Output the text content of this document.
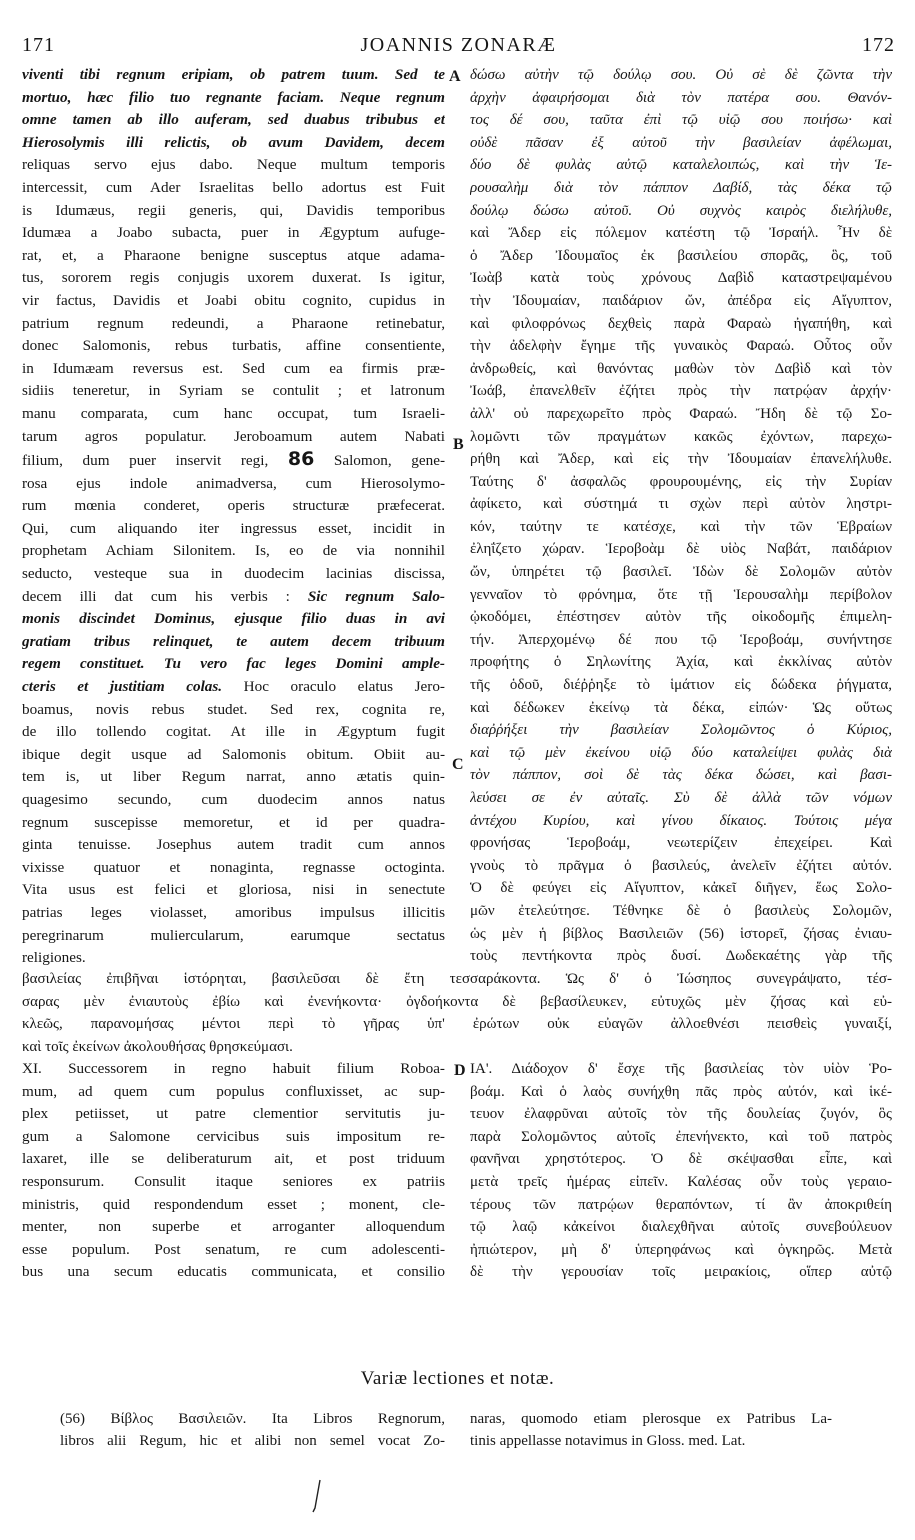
171	JOANNIS ZONARÆ	172
A
B
C
D
viventi tibi regnum eripiam, ob patrem tuum. Sed te
mortuo, hæc filio tuo regnante faciam. Neque regnum
omne tamen ab illo auferam, sed duabus tribubus et
Hierosolymis illi relictis, ob avum Davidem, decem
reliquas servo ejus dabo. Neque multum temporis
intercessit, cum Ader Israelitas bello adortus est Fuit
is Idumæus, regii generis, qui, Davidis temporibus
Idumæa a Joabo subacta, puer in Ægyptum aufuge-
rat, et, a Pharaone benigne susceptus atque adama-
tus, sororem regis conjugis uxorem duxerat. Is igitur,
vir factus, Davidis et Joabi obitu cognito, cupidus in
patrium regnum redeundi, a Pharaone retinebatur,
donec Salomonis, rebus turbatis, affine consentiente,
in Idumæam reversus est. Sed cum ea firmis præ-
sidiis teneretur, in Syriam se contulit ; et latronum
manu comparata, cum hanc occupat, tum Israeli-
tarum agros populatur. Jeroboamum autem Nabati
filium, dum puer inservit regi, 86 Salomon, gene-
rosa ejus indole animadversa, cum Hierosolymo-
rum mœnia conderet, operis structuræ præfecerat.
Qui, cum aliquando iter ingressus esset, incidit in
prophetam Achiam Silonitem. Is, eo de via nonnihil
seducto, vesteque sua in duodecim lacinias discissa,
decem illi dat cum his verbis : Sic regnum Salo-
monis discindet Dominus, ejusque filio duas in avi
gratiam tribus relinquet, te autem decem tribuum
regem constituet. Tu vero fac leges Domini ample-
cteris et justitiam colas. Hoc oraculo elatus Jero-
boamus, novis rebus studet. Sed rex, cognita re,
de illo tollendo cogitat. At ille in Ægyptum fugit
ibique degit usque ad Salomonis obitum. Obiit au-
tem is, ut liber Regum narrat, anno ætatis quin-
quagesimo secundo, cum duodecim annos natus
regnum suscepisse memoretur, et id per quadra-
ginta tenuisse. Josephus autem tradit cum annos
vixisse quatuor et nonaginta, regnasse octoginta.
Vita usus est felici et gloriosa, nisi in senectute
patrias leges violasset, amoribus impulsus illicitis
peregrinarum muliercularum, earumque sectatus
religiones.
δώσω αὐτὴν τῷ δούλῳ σου. Οὐ σὲ δὲ ζῶντα τὴν
ἀρχὴν ἀφαιρήσομαι διὰ τὸν πατέρα σου. Θανόν-
τος δέ σου, ταῦτα ἐπὶ τῷ υἱῷ σου ποιήσω· καὶ
οὐδὲ πᾶσαν ἐξ αὐτοῦ τὴν βασιλείαν ἀφέλωμαι,
δύο δὲ φυλὰς αὐτῷ καταλελοιπώς, καὶ τὴν Ἱε-
ρουσαλὴμ διὰ τὸν πάππον Δαβίδ, τὰς δέκα τῷ
δούλῳ δώσω αὐτοῦ. Οὐ συχνὸς καιρὸς διελήλυθε,
καὶ Ἄδερ εἰς πόλεμον κατέστη τῷ Ἰσραήλ. Ἦν δὲ
ὁ Ἄδερ Ἰδουμαῖος ἐκ βασιλείου σπορᾶς, ὃς, τοῦ
Ἰωὰβ κατὰ τοὺς χρόνους Δαβὶδ καταστρεψαμένου
τὴν Ἰδουμαίαν, παιδάριον ὤν, ἀπέδρα εἰς Αἴγυπτον,
καὶ φιλοφρόνως δεχθεὶς παρὰ Φαραὼ ἠγαπήθη, καὶ
τὴν ἀδελφὴν ἔγημε τῆς γυναικὸς Φαραώ. Οὗτος οὖν
ἀνδρωθείς, καὶ θανόντας μαθὼν τὸν Δαβὶδ καὶ τὸν
Ἰωάβ, ἐπανελθεῖν ἐζήτει πρὸς τὴν πατρῴαν ἀρχήν·
ἀλλ' οὐ παρεχωρεῖτο πρὸς Φαραώ. Ἤδη δὲ τῷ Σο-
λομῶντι τῶν πραγμάτων κακῶς ἐχόντων, παρεχω-
ρήθη καὶ Ἄδερ, καὶ εἰς τὴν Ἰδουμαίαν ἐπανελήλυθε.
Ταύτης δ' ἀσφαλῶς φρουρουμένης, εἰς τὴν Συρίαν
ἀφίκετο, καὶ σύστημά τι σχὼν περὶ αὐτὸν ληστρι-
κόν, ταύτην τε κατέσχε, καὶ τὴν τῶν Ἑβραίων
ἐληΐζετο χώραν. Ἱεροβοὰμ δὲ υἱὸς Ναβάτ, παιδάριον
ὤν, ὑπηρέτει τῷ βασιλεῖ. Ἰδὼν δὲ Σολομῶν αὐτὸν
γενναῖον τὸ φρόνημα, ὅτε τῇ Ἱερουσαλὴμ περίβολον
ᾠκοδόμει, ἐπέστησεν αὐτὸν τῆς οἰκοδομῆς ἐπιμελη-
τήν. Ἀπερχομένῳ δέ που τῷ Ἱεροβοάμ, συνήντησε
προφήτης ὁ Σηλωνίτης Ἀχία, καὶ ἐκκλίνας αὐτὸν
τῆς ὁδοῦ, διέῤῥηξε τὸ ἱμάτιον εἰς δώδεκα ῥήγματα,
καὶ δέδωκεν ἐκείνῳ τὰ δέκα, εἰπών· Ὡς οὕτως
διαῤῥήξει τὴν βασιλείαν Σολομῶντος ὁ Κύριος,
καὶ τῷ μὲν ἐκείνου υἱῷ δύο καταλείψει φυλὰς διὰ
τὸν πάππον, σοὶ δὲ τὰς δέκα δώσει, καὶ βασι-
λεύσει σε ἐν αὐταῖς. Σὺ δὲ ἀλλὰ τῶν νόμων
ἀντέχου Κυρίου, καὶ γίνου δίκαιος. Τούτοις μέγα
φρονήσας Ἱεροβοάμ, νεωτερίζειν ἐπεχείρει. Καὶ
γνοὺς τὸ πρᾶγμα ὁ βασιλεύς, ἀνελεῖν ἐζήτει αὐτόν.
Ὁ δὲ φεύγει εἰς Αἴγυπτον, κἀκεῖ διῆγεν, ἕως Σολο-
μῶν ἐτελεύτησε. Τέθνηκε δὲ ὁ βασιλεὺς Σολομῶν,
ὡς μὲν ἡ βίβλος Βασιλειῶν (56) ἱστορεῖ, ζήσας ἐνιαυ-
τοὺς πεντήκοντα πρὸς δυσί. Δωδεκαέτης γὰρ τῆς
βασιλείας ἐπιβῆναι ἱστόρηται, βασιλεῦσαι δὲ ἔτη τεσσαράκοντα. Ὡς δ' ὁ Ἰώσηπος συνεγράψατο, τέσ-
σαρας μὲν ἐνιαυτοὺς ἐβίω καὶ ἐνενήκοντα· ὀγδοήκοντα δὲ βεβασίλευκεν, εὐτυχῶς μὲν ζήσας καὶ εὐ-
κλεῶς, παρανομήσας μέντοι περὶ τὸ γῆρας ὑπ' ἐρώτων οὐκ εὐαγῶν ἀλλοεθνέσι πεισθεὶς γυναιξί,
καὶ τοῖς ἐκείνων ἀκολουθήσας θρησκεύμασι.
XI. Successorem in regno habuit filium Roboa-
mum, ad quem cum populus confluxisset, ac sup-
plex petiisset, ut patre clementior servitutis ju-
gum a Salomone cervicibus suis impositum re-
laxaret, ille se deliberaturum ait, et post triduum
responsurum. Consulit itaque seniores ex patriis
ministris, quid respondendum esset ; monent, cle-
menter, non superbe et arroganter alloquendum
esse populum. Post senatum, re cum adolescenti-
bus una secum educatis communicata, et consilio
ΙΑ'. Διάδοχον δ' ἔσχε τῆς βασιλείας τὸν υἱὸν Ῥο-
βοάμ. Καὶ ὁ λαὸς συνήχθη πᾶς πρὸς αὐτόν, καὶ ἱκέ-
τευον ἐλαφρῦναι αὐτοῖς τὸν τῆς δουλείας ζυγόν, ὃς
παρὰ Σολομῶντος αὐτοῖς ἐπενήνεκτο, καὶ τοῦ πατρὸς
φανῆναι χρηστότερος. Ὁ δὲ σκέψασθαι εἶπε, καὶ
μετὰ τρεῖς ἡμέρας εἰπεῖν. Καλέσας οὖν τοὺς γεραιο-
τέρους τῶν πατρῴων θεραπόντων, τί ἂν ἀποκριθείη
τῷ λαῷ κἀκείνοι διαλεχθῆναι αὐτοῖς συνεβούλευον
ἠπιώτερον, μὴ δ' ὑπερηφάνως καὶ ὀγκηρῶς. Μετὰ
δὲ τὴν γερουσίαν τοῖς μειρακίοις, οἵπερ αὐτῷ
Variæ lectiones et notæ.
(56) Βίβλος Βασιλειῶν. Ita Libros Regnorum,
libros alii Regum, hic et alibi non semel vocat Zo-
naras, quomodo etiam plerosque ex Patribus La-
tinis appellasse notavimus in Gloss. med. Lat.
